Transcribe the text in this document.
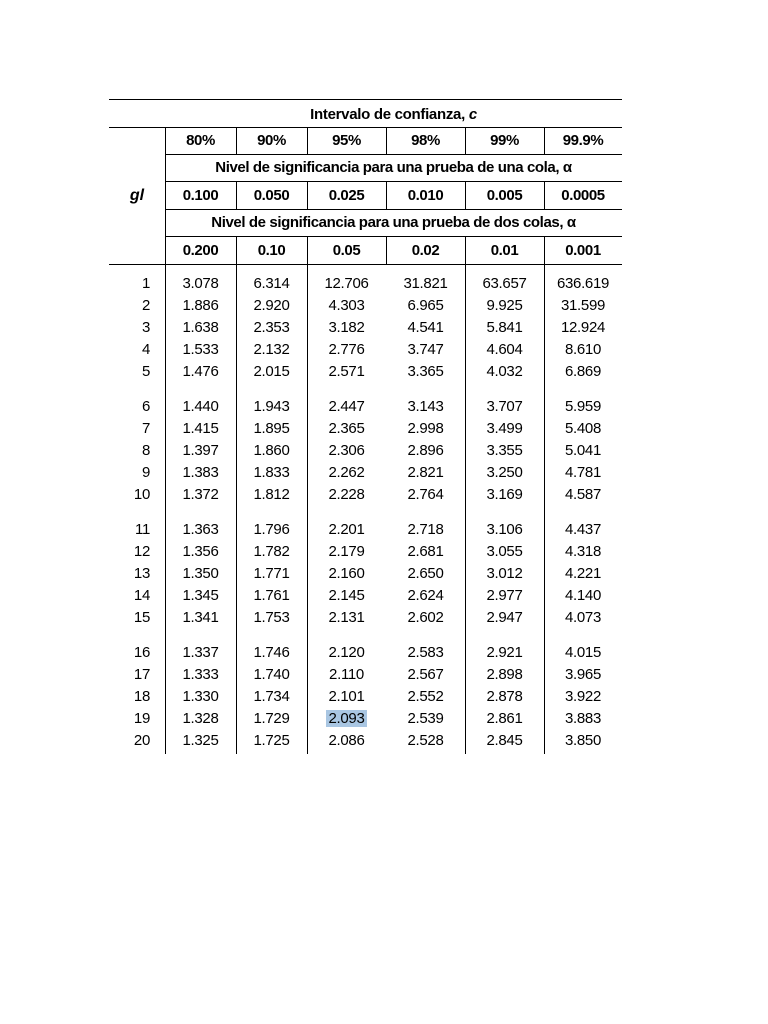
Intervalo de confianza, c
gl
80%	90%	95%	98%	99%	99.9%
Nivel de significancia para una prueba de una cola, α
0.100	0.050	0.025	0.010	0.005	0.0005
Nivel de significancia para una prueba de dos colas, α
0.200	0.10	0.05	0.02	0.01	0.001
1 3.078 6.314 12.706 31.821 63.657 636.619
2 1.886 2.920	4.303	6.965	9.925	31.599
3 1.638 2.353	3.182	4.541	5.841	12.924
4 1.533 2.132	2.776	3.747	4.604	8.610
5 1.476 2.015	2.571	3.365	4.032	6.869
6 1.440 1.943	2.447	3.143	3.707	5.959
7 1.415 1.895	2.365	2.998	3.499	5.408
8 1.397 1.860	2.306	2.896	3.355	5.041
9 1.383 1.833	2.262	2.821	3.250	4.781
10 1.372 1.812	2.228	2.764	3.169	4.587
11 1.363 1.796	2.201	2.718	3.106	4.437
12 1.356 1.782	2.179	2.681	3.055	4.318
13 1.350 1.771	2.160	2.650	3.012	4.221
14 1.345 1.761	2.145	2.624	2.977	4.140
15 1.341 1.753	2.131	2.602	2.947	4.073
16 1.337 1.746	2.120	2.583	2.921	4.015
17 1.333 1.740	2.110	2.567	2.898	3.965
18 1.330 1.734	2.101	2.552	2.878	3.922
19 1.328 1.729	2.093	2.539	2.861	3.883
20 1.325 1.725	2.086	2.528	2.845	3.850
